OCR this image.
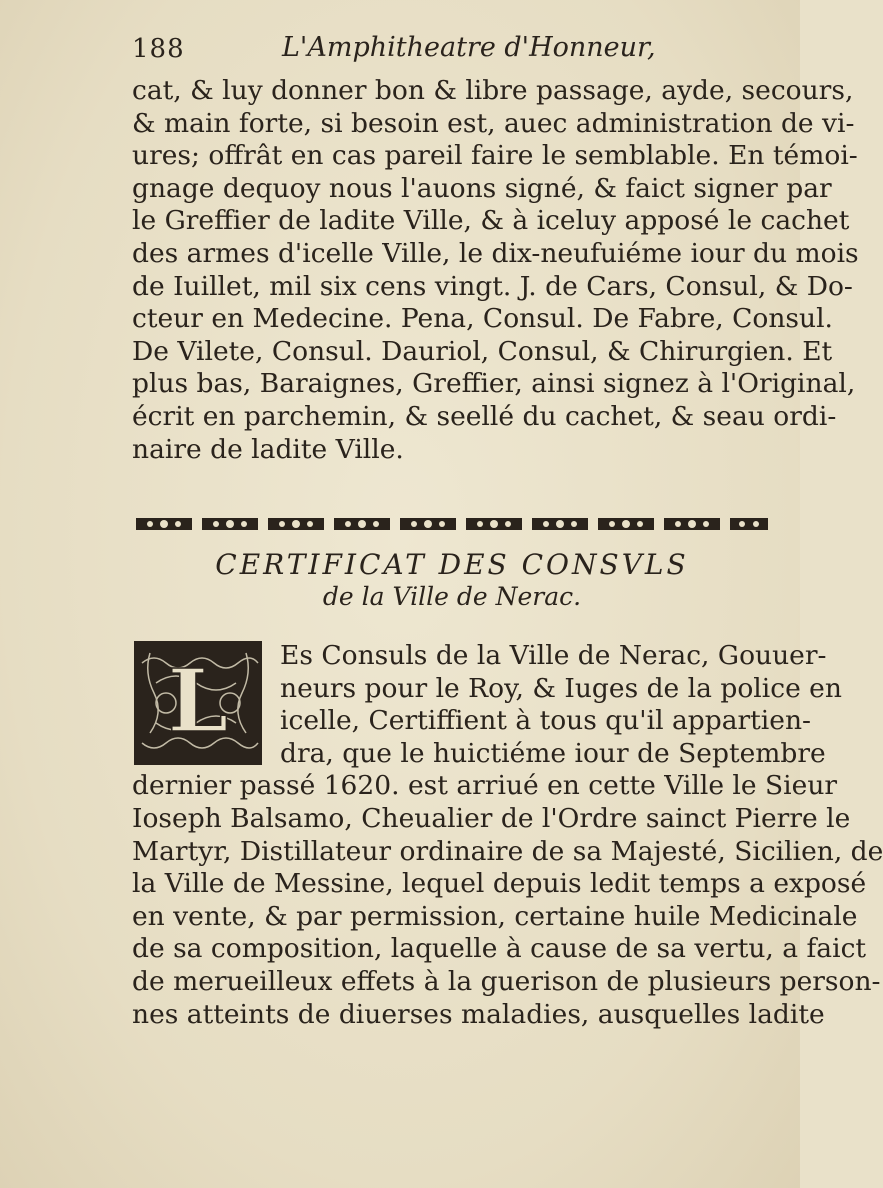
188	L'Amphitheatre d'Honneur,
cat, & luy donner bon & libre passage, ayde, secours,
& main forte, si besoin est, auec administration de vi-
ures; offrât en cas pareil faire le semblable. En témoi-
gnage dequoy nous l'auons signé, & faict signer par
le Greffier de ladite Ville, & à iceluy apposé le cachet
des armes d'icelle Ville, le dix-neufuiéme iour du mois
de Iuillet, mil six cens vingt. J. de Cars, Consul, & Do-
cteur en Medecine. Pena, Consul. De Fabre, Consul.
De Vilete, Consul. Dauriol, Consul, & Chirurgien. Et
plus bas, Baraignes, Greffier, ainsi signez à l'Original,
écrit en parchemin, & seellé du cachet, & seau ordi-
naire de ladite Ville.
CERTIFICAT DES CONSVLS
de la Ville de Nerac.
L	Es Consuls de la Ville de Nerac, Gouuer-
neurs pour le Roy, & Iuges de la police en
icelle, Certiffient à tous qu'il appartien-
dra, que le huictiéme iour de Septembre
dernier passé 1620. est arriué en cette Ville le Sieur
Ioseph Balsamo, Cheualier de l'Ordre sainct Pierre le
Martyr, Distillateur ordinaire de sa Majesté, Sicilien, de
la Ville de Messine, lequel depuis ledit temps a exposé
en vente, & par permission, certaine huile Medicinale
de sa composition, laquelle à cause de sa vertu, a faict
de merueilleux effets à la guerison de plusieurs person-
nes atteints de diuerses maladies, ausquelles ladite
